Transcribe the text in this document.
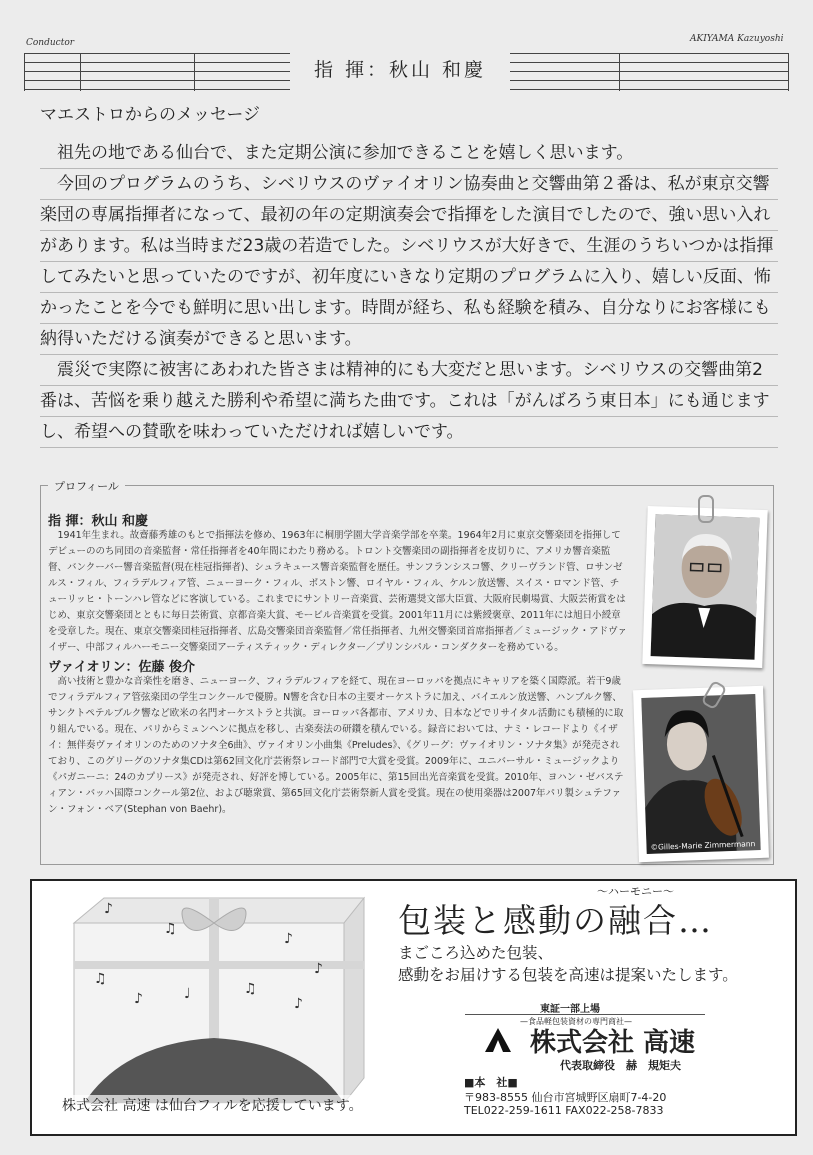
Conductor	AKIYAMA Kazuyoshi
指 揮：秋山 和慶
マエストロからのメッセージ

祖先の地である仙台で、また定期公演に参加できることを嬉しく思います。

今回のプログラムのうち、シベリウスのヴァイオリン協奏曲と交響曲第２番は、私が東京交響楽団の専属指揮者になって、最初の年の定期演奏会で指揮をした演目でしたので、強い思い入れがあります。私は当時まだ23歳の若造でした。シベリウスが大好きで、生涯のうちいつかは指揮してみたいと思っていたのですが、初年度にいきなり定期のプログラムに入り、嬉しい反面、怖かったことを今でも鮮明に思い出します。時間が経ち、私も経験を積み、自分なりにお客様にも納得いただける演奏ができると思います。

震災で実際に被害にあわれた皆さまは精神的にも大変だと思います。シベリウスの交響曲第2番は、苦悩を乗り越えた勝利や希望に満ちた曲です。これは「がんばろう東日本」にも通じますし、希望への賛歌を味わっていただければ嬉しいです。

プロフィール
指 揮：秋山 和慶
1941年生まれ。故齋藤秀雄のもとで指揮法を修め、1963年に桐朋学園大学音楽学部を卒業。1964年2月に東京交響楽団を指揮してデビューののち同団の音楽監督・常任指揮者を40年間にわたり務める。トロント交響楽団の副指揮者を皮切りに、アメリカ響音楽監督、バンクーバー響音楽監督(現在桂冠指揮者)、シュラキュース響音楽監督を歴任。サンフランシスコ響、クリーヴランド管、ロサンゼルス・フィル、フィラデルフィア管、ニューヨーク・フィル、ボストン響、ロイヤル・フィル、ケルン放送響、スイス・ロマンド管、チューリッヒ・トーンハレ管などに客演している。これまでにサントリー音楽賞、芸術選奨文部大臣賞、大阪府民劇場賞、大阪芸術賞をはじめ、東京交響楽団とともに毎日芸術賞、京都音楽大賞、モービル音楽賞を受賞。2001年11月には紫綬褒章、2011年には旭日小綬章を受章した。現在、東京交響楽団桂冠指揮者、広島交響楽団音楽監督／常任指揮者、九州交響楽団首席指揮者／ミュージック・アドヴァイザー、中部フィルハーモニー交響楽団アーティスティック・ディレクター／プリンシパル・コンダクターを務めている。
ヴァイオリン：佐藤 俊介
高い技術と豊かな音楽性を磨き、ニューヨーク、フィラデルフィアを経て、現在ヨーロッパを拠点にキャリアを築く国際派。若干9歳でフィラデルフィア管弦楽団の学生コンクールで優勝。N響を含む日本の主要オーケストラに加え、バイエルン放送響、ハンブルク響、サンクトペテルブルク響など欧米の名門オーケストラと共演。ヨーロッパ各都市、アメリカ、日本などでリサイタル活動にも積極的に取り組んでいる。現在、パリからミュンヘンに拠点を移し、古楽奏法の研鑽を積んでいる。録音においては、ナミ・レコードより《イザイ：無伴奏ヴァイオリンのためのソナタ全6曲》、ヴァイオリン小曲集《Preludes》、《グリーグ：ヴァイオリン・ソナタ集》が発売されており、このグリーグのソナタ集CDは第62回文化庁芸術祭レコード部門で大賞を受賞。2009年に、ユニバーサル・ミュージックより《パガニーニ：24のカプリース》が発売され、好評を博している。2005年に、第15回出光音楽賞を受賞。2010年、ヨハン・ゼバスティアン・バッハ国際コンクール第2位、および聴衆賞、第65回文化庁芸術祭新人賞を受賞。現在の使用楽器は2007年パリ製シュテファン・フォン・ベア(Stephan von Baehr)。
©Gilles-Marie Zimmermann
♪
♫
♪
♫
♪
♫
♪
♩
♪
株式会社 高速 は仙台フィルを応援しています。
〜ハーモニー〜
包装と感動の融合…
まごころ込めた包装、
感動をお届けする包装を高速は提案いたします。
東証一部上場
—食品軽包装資材の専門商社—
株式会社 高速
代表取締役　赫　規矩夫
■本　社■
〒983-8555 仙台市宮城野区扇町7-4-20
TEL022-259-1611 FAX022-258-7833
